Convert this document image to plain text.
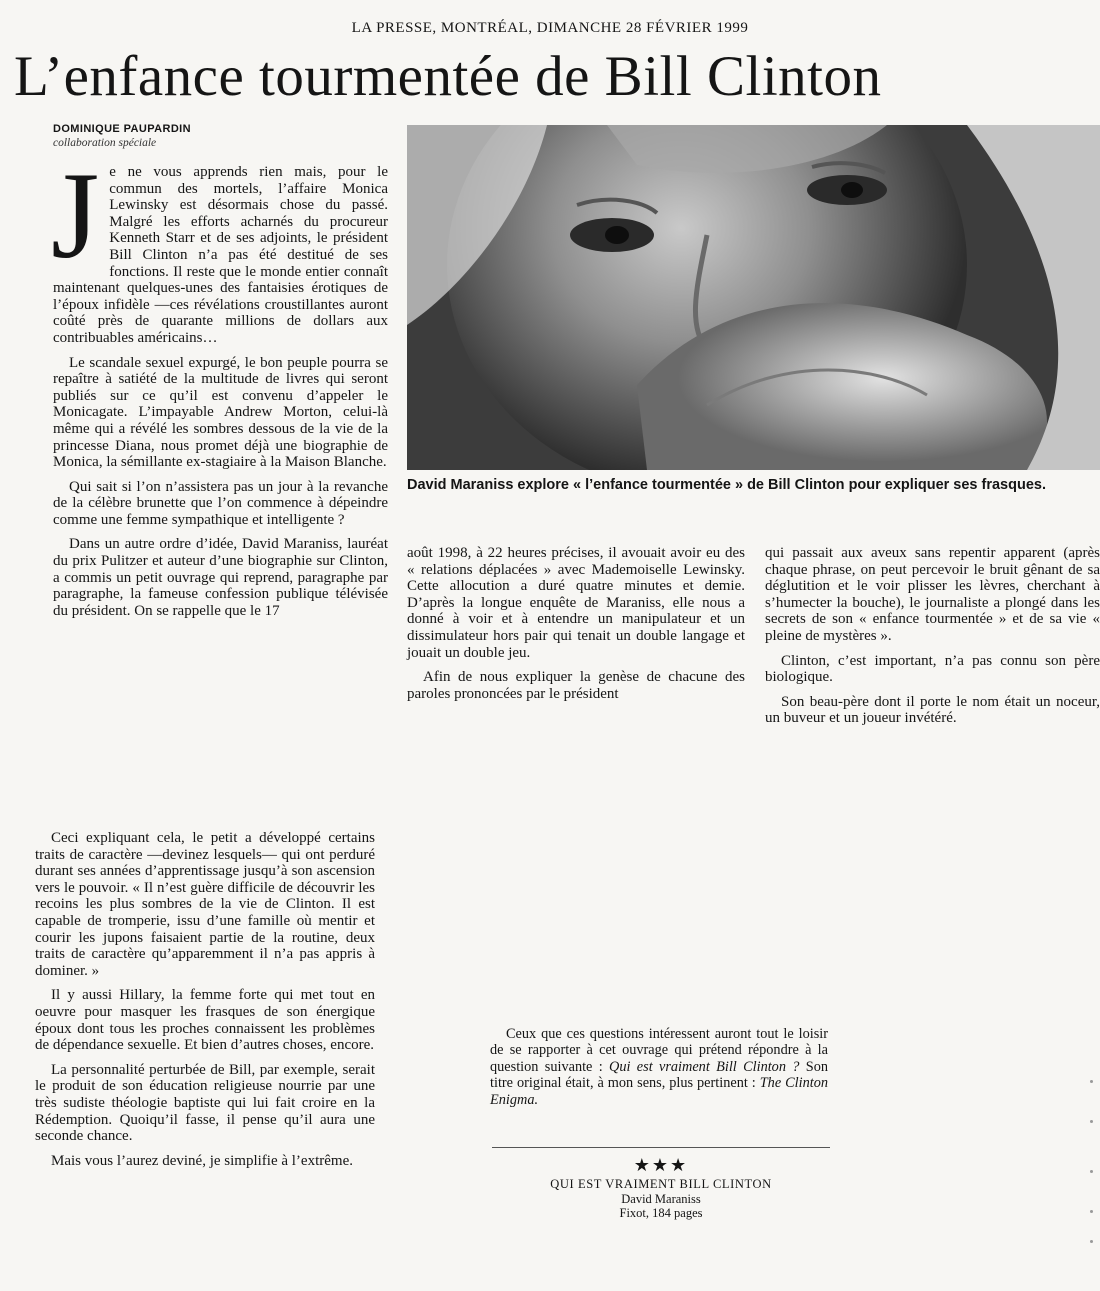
LA PRESSE, MONTRÉAL, DIMANCHE 28 FÉVRIER 1999
L’enfance tourmentée de Bill Clinton
DOMINIQUE PAUPARDIN
collaboration spéciale

Je ne vous apprends rien mais, pour le commun des mortels, l’affaire Monica Lewinsky est désormais chose du passé. Malgré les efforts acharnés du procureur Kenneth Starr et de ses adjoints, le président Bill Clinton n’a pas été destitué de ses fonctions. Il reste que le monde entier connaît maintenant quelques-unes des fantaisies érotiques de l’époux infidèle —ces révélations croustillantes auront coûté près de quarante millions de dollars aux contribuables américains…

Le scandale sexuel expurgé, le bon peuple pourra se repaître à satiété de la multitude de livres qui seront publiés sur ce qu’il est convenu d’appeler le Monicagate. L’impayable Andrew Morton, celui-là même qui a révélé les sombres dessous de la vie de la princesse Diana, nous promet déjà une biographie de Monica, la sémillante ex-stagiaire à la Maison Blanche.

Qui sait si l’on n’assistera pas un jour à la revanche de la célèbre brunette que l’on commence à dépeindre comme une femme sympathique et intelligente ?

Dans un autre ordre d’idée, David Maraniss, lauréat du prix Pulitzer et auteur d’une biographie sur Clinton, a commis un petit ouvrage qui reprend, paragraphe par paragraphe, la fameuse confession publique télévisée du président. On se rappelle que le 17

David Maraniss explore « l’enfance tourmentée » de Bill Clinton pour expliquer ses frasques.

août 1998, à 22 heures précises, il avouait avoir eu des « relations déplacées » avec Mademoiselle Lewinsky. Cette allocution a duré quatre minutes et demie. D’après la longue enquête de Maraniss, elle nous a donné à voir et à entendre un manipulateur et un dissimulateur hors pair qui tenait un double langage et jouait un double jeu.

Afin de nous expliquer la genèse de chacune des paroles prononcées par le président

qui passait aux aveux sans repentir apparent (après chaque phrase, on peut percevoir le bruit gênant de sa déglutition et le voir plisser les lèvres, cherchant à s’humecter la bouche), le journaliste a plongé dans les secrets de son « enfance tourmentée » et de sa vie « pleine de mystères ».

Clinton, c’est important, n’a pas connu son père biologique.

Son beau-père dont il porte le nom était un noceur, un buveur et un joueur invétéré.

Ceci expliquant cela, le petit a développé certains traits de caractère —devinez lesquels— qui ont perduré durant ses années d’apprentissage jusqu’à son ascension vers le pouvoir. « Il n’est guère difficile de découvrir les recoins les plus sombres de la vie de Clinton. Il est capable de tromperie, issu d’une famille où mentir et courir les jupons faisaient partie de la routine, deux traits de caractère qu’apparemment il n’a pas appris à dominer. »

Il y aussi Hillary, la femme forte qui met tout en oeuvre pour masquer les frasques de son énergique époux dont tous les proches connaissent les problèmes de dépendance sexuelle. Et bien d’autres choses, encore.

La personnalité perturbée de Bill, par exemple, serait le produit de son éducation religieuse nourrie par une très sudiste théologie baptiste qui lui fait croire en la Rédemption. Quoiqu’il fasse, il pense qu’il aura une seconde chance.

Mais vous l’aurez deviné, je simplifie à l’extrême.

Ceux que ces questions intéressent auront tout le loisir de se rapporter à cet ouvrage qui prétend répondre à la question suivante : Qui est vraiment Bill Clinton ? Son titre original était, à mon sens, plus pertinent : The Clinton Enigma.

★★★
QUI EST VRAIMENT BILL CLINTON
David Maraniss
Fixot, 184 pages
